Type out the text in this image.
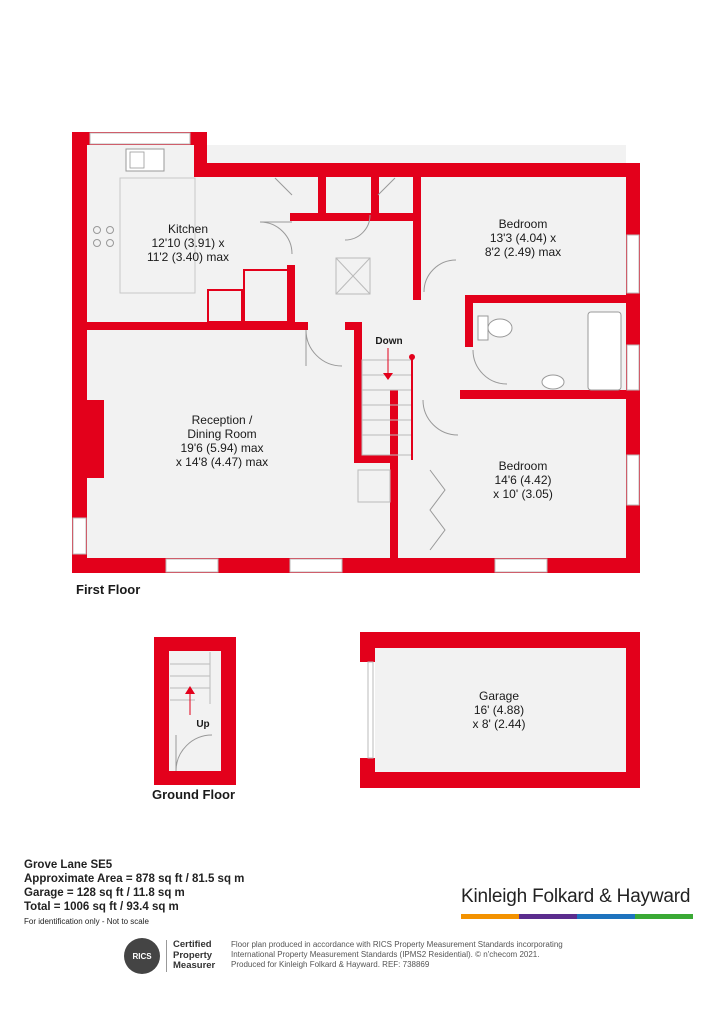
Kitchen
12'10 (3.91) x
11'2 (3.40) max
Bedroom
13'3 (4.04) x
8'2 (2.49) max
Reception /
Dining Room
19'6 (5.94) max
x 14'8 (4.47) max	Bedroom
14'6 (4.42)
x 10' (3.05)
Down
First Floor
Up
Ground Floor
Garage
16' (4.88)
x 8' (2.44)
Grove Lane SE5
Approximate Area = 878 sq ft / 81.5 sq m
Garage = 128 sq ft / 11.8 sq m
Total = 1006 sq ft / 93.4 sq m
For identification only - Not to scale
Kinleigh Folkard & Hayward
RICS
Certified
Property
Measurer
Floor plan produced in accordance with RICS Property Measurement Standards incorporating
International Property Measurement Standards (IPMS2 Residential). © n'checom 2021.
Produced for Kinleigh Folkard & Hayward. REF: 738869
